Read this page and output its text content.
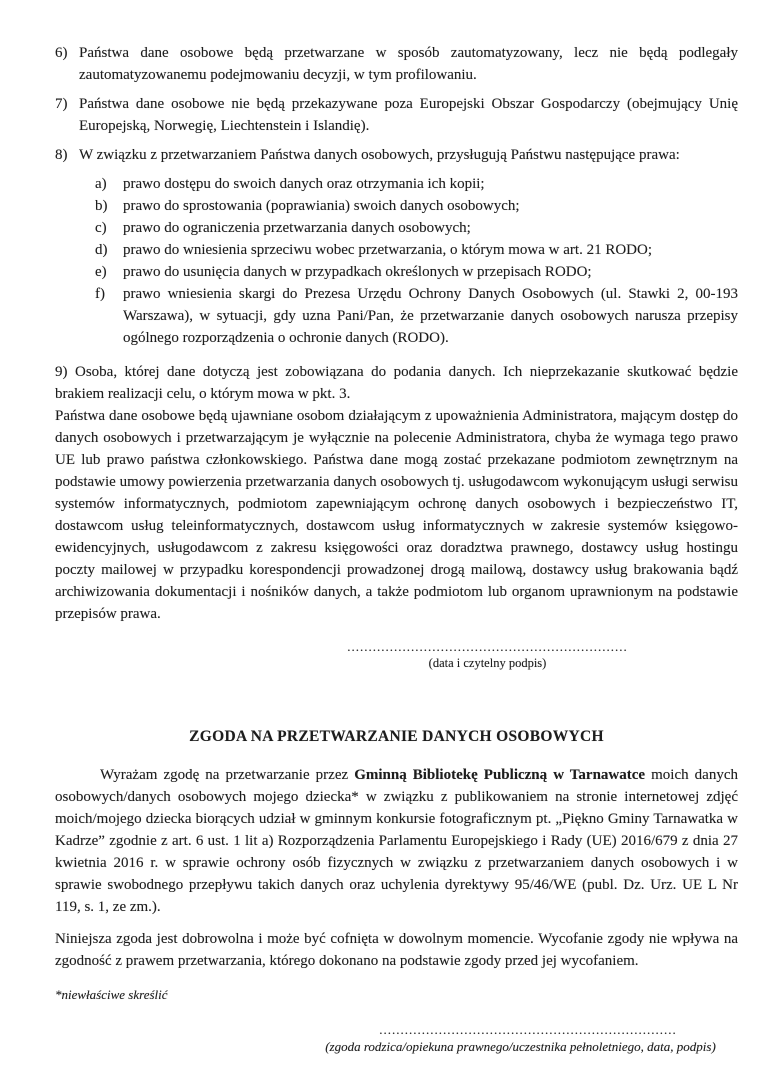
6) Państwa dane osobowe będą przetwarzane w sposób zautomatyzowany, lecz nie będą podlegały zautomatyzowanemu podejmowaniu decyzji, w tym profilowaniu.
7) Państwa dane osobowe nie będą przekazywane poza Europejski Obszar Gospodarczy (obejmujący Unię Europejską, Norwegię, Liechtenstein i Islandię).
8) W związku z przetwarzaniem Państwa danych osobowych, przysługują Państwu następujące prawa:
a) prawo dostępu do swoich danych oraz otrzymania ich kopii;
b) prawo do sprostowania (poprawiania) swoich danych osobowych;
c) prawo do ograniczenia przetwarzania danych osobowych;
d) prawo do wniesienia sprzeciwu wobec przetwarzania, o którym mowa w art. 21 RODO;
e) prawo do usunięcia danych w przypadkach określonych w przepisach RODO;
f) prawo wniesienia skargi do Prezesa Urzędu Ochrony Danych Osobowych (ul. Stawki 2, 00-193 Warszawa), w sytuacji, gdy uzna Pani/Pan, że przetwarzanie danych osobowych narusza przepisy ogólnego rozporządzenia o ochronie danych (RODO).

9) Osoba, której dane dotyczą jest zobowiązana do podania danych. Ich nieprzekazanie skutkować będzie brakiem realizacji celu, o którym mowa w pkt. 3.

Państwa dane osobowe będą ujawniane osobom działającym z upoważnienia Administratora, mającym dostęp do danych osobowych i przetwarzającym je wyłącznie na polecenie Administratora, chyba że wymaga tego prawo UE lub prawo państwa członkowskiego. Państwa dane mogą zostać przekazane podmiotom zewnętrznym na podstawie umowy powierzenia przetwarzania danych osobowych tj. usługodawcom wykonującym usługi serwisu systemów informatycznych, podmiotom zapewniającym ochronę danych osobowych i bezpieczeństwo IT, dostawcom usług teleinformatycznych, dostawcom usług informatycznych w zakresie systemów księgowo-ewidencyjnych, usługodawcom z zakresu księgowości oraz doradztwa prawnego, dostawcy usług hostingu poczty mailowej w przypadku korespondencji prowadzonej drogą mailową, dostawcy usług brakowania bądź archiwizowania dokumentacji i nośników danych, a także podmiotom lub organom uprawnionym na podstawie przepisów prawa.

..................................................................
(data i czytelny podpis)
ZGODA NA PRZETWARZANIE DANYCH OSOBOWYCH

Wyrażam zgodę na przetwarzanie przez Gminną Bibliotekę Publiczną w Tarnawatce moich danych osobowych/danych osobowych mojego dziecka* w związku z publikowaniem na stronie internetowej zdjęć moich/mojego dziecka biorących udział w gminnym konkursie fotograficznym pt. „Piękno Gminy Tarnawatka w Kadrze” zgodnie z art. 6 ust. 1 lit a) Rozporządzenia Parlamentu Europejskiego i Rady (UE) 2016/679 z dnia 27 kwietnia 2016 r. w sprawie ochrony osób fizycznych w związku z przetwarzaniem danych osobowych i w sprawie swobodnego przepływu takich danych oraz uchylenia dyrektywy 95/46/WE (publ. Dz. Urz. UE L Nr 119, s. 1, ze zm.).

Niniejsza zgoda jest dobrowolna i może być cofnięta w dowolnym momencie. Wycofanie zgody nie wpływa na zgodność z prawem przetwarzania, którego dokonano na podstawie zgody przed jej wycofaniem.

*niewłaściwe skreślić
......................................................................
(zgoda rodzica/opiekuna prawnego/uczestnika pełnoletniego, data, podpis)
